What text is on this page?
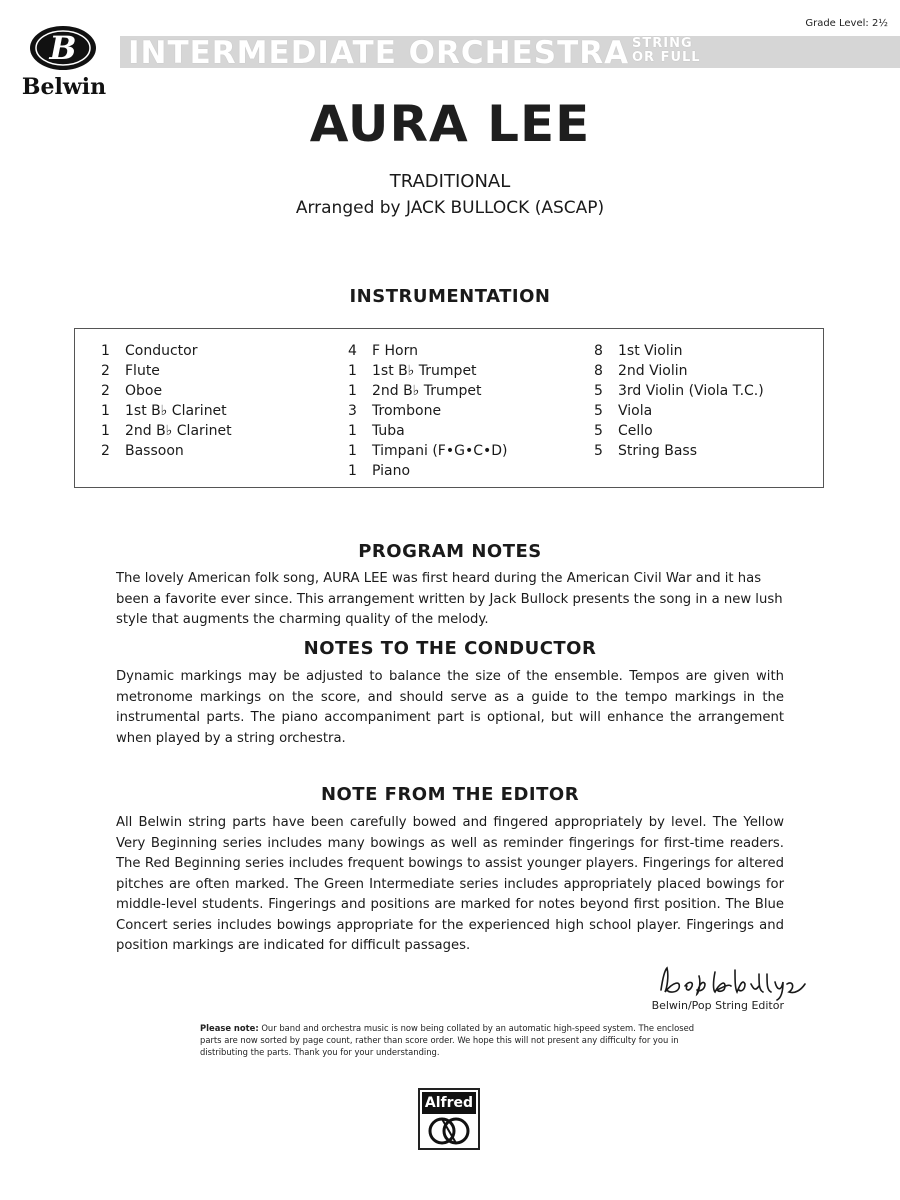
B
Belwin
INTERMEDIATE ORCHESTRA STRING
OR FULL
Grade Level: 2½
AURA LEE
TRADITIONAL
Arranged by JACK BULLOCK (ASCAP)
INSTRUMENTATION
1 Conductor
2 Flute
2 Oboe
1 1st B♭ Clarinet
1 2nd B♭ Clarinet
2 Bassoon
4 F Horn
1 1st B♭ Trumpet
1 2nd B♭ Trumpet
3 Trombone
1 Tuba
1 Timpani (F•G•C•D)
1 Piano
8 1st Violin
8 2nd Violin
5 3rd Violin (Viola T.C.)
5 Viola
5 Cello
5 String Bass
PROGRAM NOTES
The lovely American folk song, AURA LEE was first heard during the American Civil War and it has been a favorite ever since. This arrangement written by Jack Bullock presents the song in a new lush style that augments the charming quality of the melody.
NOTES TO THE CONDUCTOR
Dynamic markings may be adjusted to balance the size of the ensemble. Tempos are given with metronome markings on the score, and should serve as a guide to the tempo markings in the instrumental parts. The piano accompaniment part is optional, but will enhance the arrangement when played by a string orchestra.
NOTE FROM THE EDITOR
All Belwin string parts have been carefully bowed and fingered appropriately by level. The Yellow Very Beginning series includes many bowings as well as reminder fingerings for first-time readers. The Red Beginning series includes frequent bowings to assist younger players. Fingerings for altered pitches are often marked. The Green Intermediate series includes appropriately placed bowings for middle-level students. Fingerings and positions are marked for notes beyond first position. The Blue Concert series includes bowings appropriate for the experienced high school player. Fingerings and position markings are indicated for difficult passages.
Belwin/Pop String Editor
Please note: Our band and orchestra music is now being collated by an automatic high-speed system. The enclosed parts are now sorted by page count, rather than score order. We hope this will not present any difficulty for you in distributing the parts. Thank you for your understanding.
Alfred
